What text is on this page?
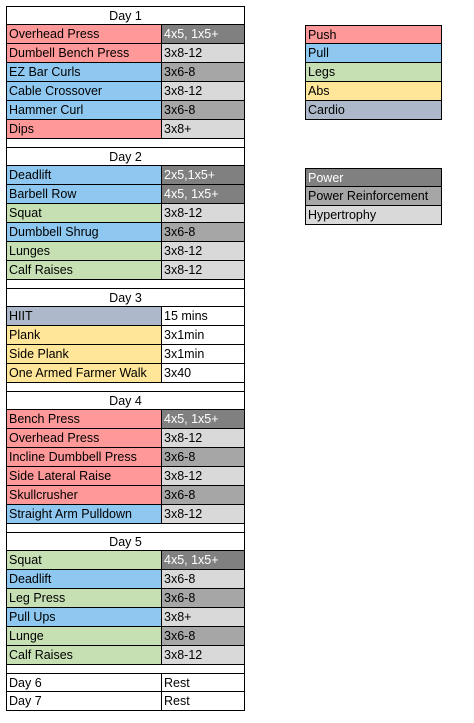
Day 1
Overhead Press	4x5, 1x5+
Dumbell Bench Press	3x8-12
EZ Bar Curls	3x6-8
Cable Crossover	3x8-12
Hammer Curl	3x6-8
Dips	3x8+
Day 2
Deadlift	2x5,1x5+
Barbell Row	4x5, 1x5+
Squat	3x8-12
Dumbbell Shrug	3x6-8
Lunges	3x8-12
Calf Raises	3x8-12
Day 3
HIIT	15 mins
Plank	3x1min
Side Plank	3x1min
One Armed Farmer Walk	3x40
Day 4
Bench Press	4x5, 1x5+
Overhead Press	3x8-12
Incline Dumbbell Press	3x6-8
Side Lateral Raise	3x8-12
Skullcrusher	3x6-8
Straight Arm Pulldown	3x8-12
Day 5
Squat	4x5, 1x5+
Deadlift	3x6-8
Leg Press	3x6-8
Pull Ups	3x8+
Lunge	3x6-8
Calf Raises	3x8-12
Day 6	Rest
Day 7	Rest
Push
Pull
Legs
Abs
Cardio
Power
Power Reinforcement
Hypertrophy
